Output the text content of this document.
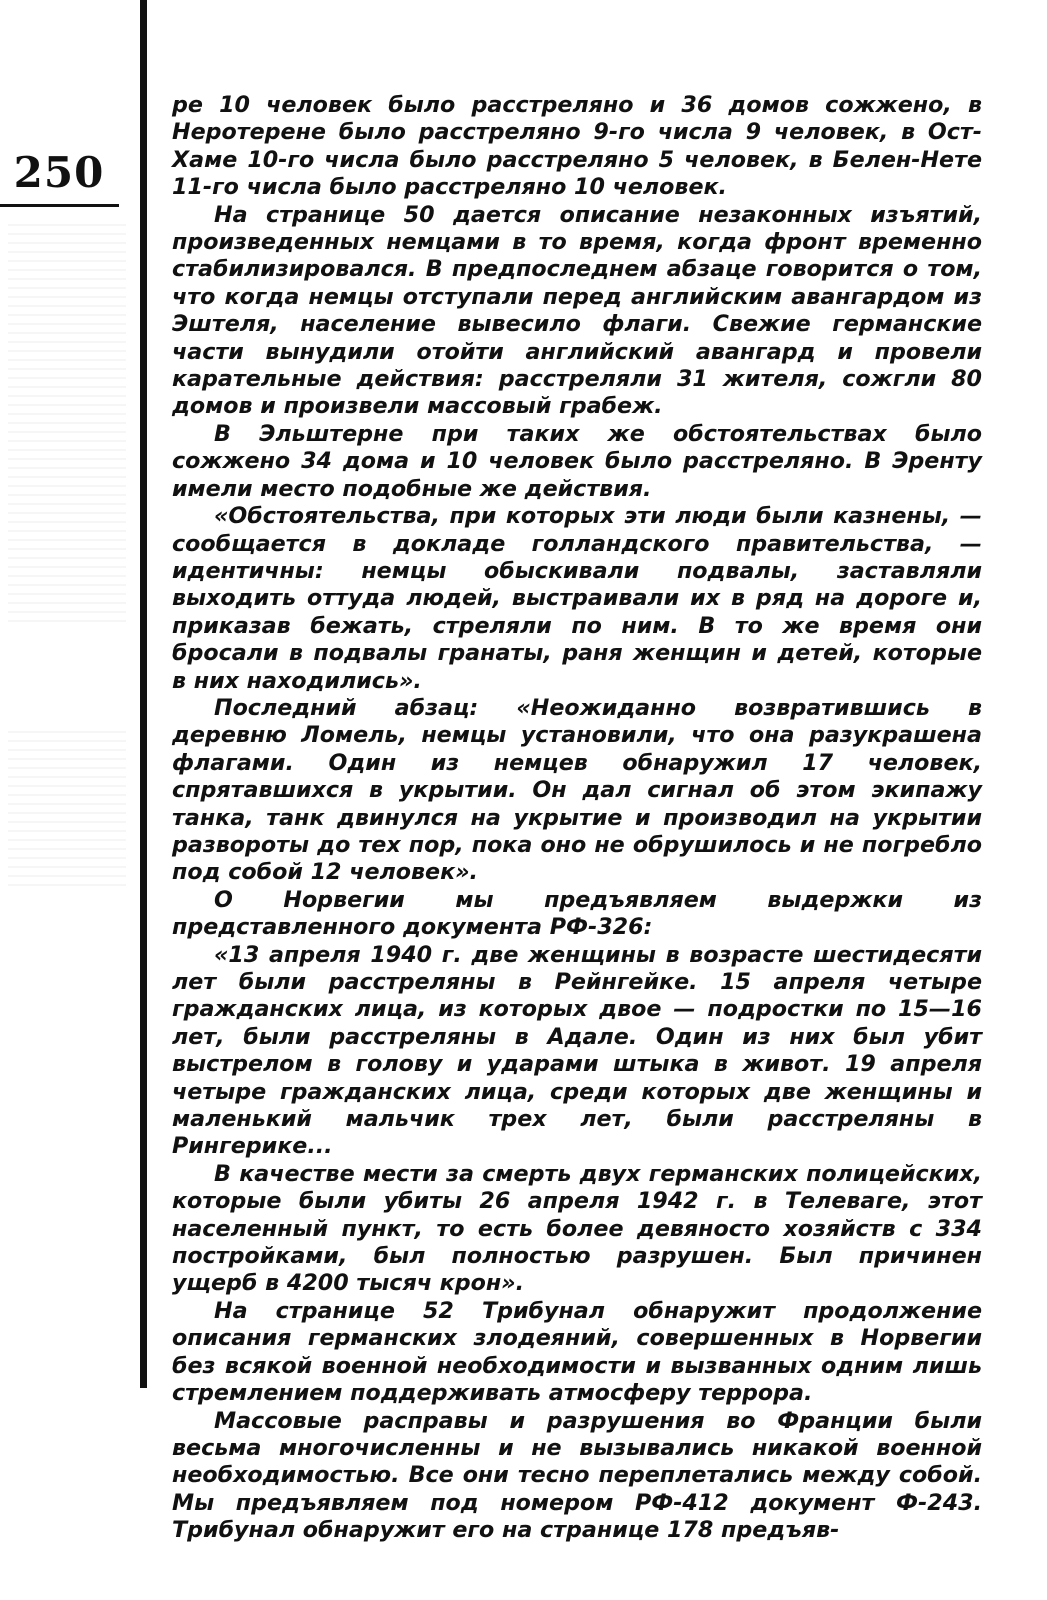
250

ре 10 человек было расстреляно и 36 домов сожжено, в Неротерене было расстреляно 9-го числа 9 человек, в Ост-Хаме 10-го числа было расстреляно 5 человек, в Белен-Нете 11-го числа было расстреляно 10 человек.

На странице 50 дается описание незаконных изъятий, произведенных немцами в то время, когда фронт временно стабилизировался. В предпоследнем абзаце говорится о том, что когда немцы отступали перед английским авангардом из Эштеля, население вывесило флаги. Свежие германские части вынудили отойти английский авангард и провели карательные действия: расстреляли 31 жителя, сожгли 80 домов и произвели массовый грабеж.

В Эльштерне при таких же обстоятельствах было сожжено 34 дома и 10 человек было расстреляно. В Эренту имели место подобные же действия.

«Обстоятельства, при которых эти люди были казнены, — сообщается в докладе голландского правительства, — идентичны: немцы обыскивали подвалы, заставляли выходить оттуда людей, выстраивали их в ряд на дороге и, приказав бежать, стреляли по ним. В то же время они бросали в подвалы гранаты, раня женщин и детей, которые в них находились».

Последний абзац: «Неожиданно возвратившись в деревню Ломель, немцы установили, что она разукрашена флагами. Один из немцев обнаружил 17 человек, спрятавшихся в укрытии. Он дал сигнал об этом экипажу танка, танк двинулся на укрытие и производил на укрытии развороты до тех пор, пока оно не обрушилось и не погребло под собой 12 человек».

О Норвегии мы предъявляем выдержки из представленного документа РФ-326:

«13 апреля 1940 г. две женщины в возрасте шестидесяти лет были расстреляны в Рейнгейке. 15 апреля четыре гражданских лица, из которых двое — подростки по 15—16 лет, были расстреляны в Адале. Один из них был убит выстрелом в голову и ударами штыка в живот. 19 апреля четыре гражданских лица, среди которых две женщины и маленький мальчик трех лет, были расстреляны в Рингерике...

В качестве мести за смерть двух германских полицейских, которые были убиты 26 апреля 1942 г. в Телеваге, этот населенный пункт, то есть более девяносто хозяйств с 334 постройками, был полностью разрушен. Был причинен ущерб в 4200 тысяч крон».

На странице 52 Трибунал обнаружит продолжение описания германских злодеяний, совершенных в Норвегии без всякой военной необходимости и вызванных одним лишь стремлением поддерживать атмосферу террора.

Массовые расправы и разрушения во Франции были весьма многочисленны и не вызывались никакой военной необходимостью. Все они тесно переплетались между собой. Мы предъявляем под номером РФ-412 документ Ф-243. Трибунал обнаружит его на странице 178 предъяв-
